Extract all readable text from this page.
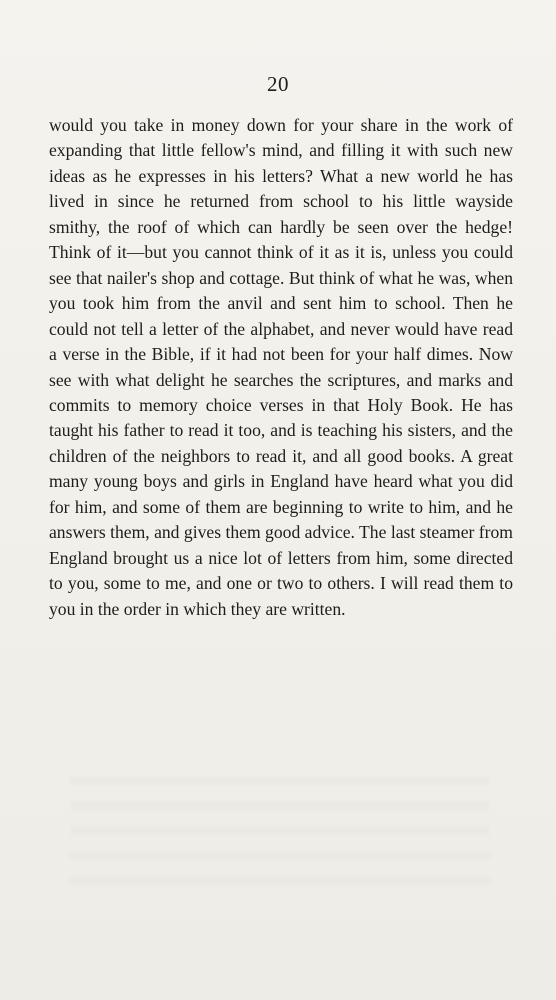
20

would you take in money down for your share in the work of expanding that little fellow's mind, and filling it with such new ideas as he expresses in his letters? What a new world he has lived in since he returned from school to his little wayside smithy, the roof of which can hardly be seen over the hedge! Think of it—but you cannot think of it as it is, unless you could see that nailer's shop and cottage. But think of what he was, when you took him from the anvil and sent him to school. Then he could not tell a letter of the alphabet, and never would have read a verse in the Bible, if it had not been for your half dimes. Now see with what delight he searches the scriptures, and marks and commits to memory choice verses in that Holy Book. He has taught his father to read it too, and is teaching his sisters, and the children of the neighbors to read it, and all good books. A great many young boys and girls in England have heard what you did for him, and some of them are beginning to write to him, and he answers them, and gives them good advice. The last steamer from England brought us a nice lot of letters from him, some directed to you, some to me, and one or two to others. I will read them to you in the order in which they are written.
